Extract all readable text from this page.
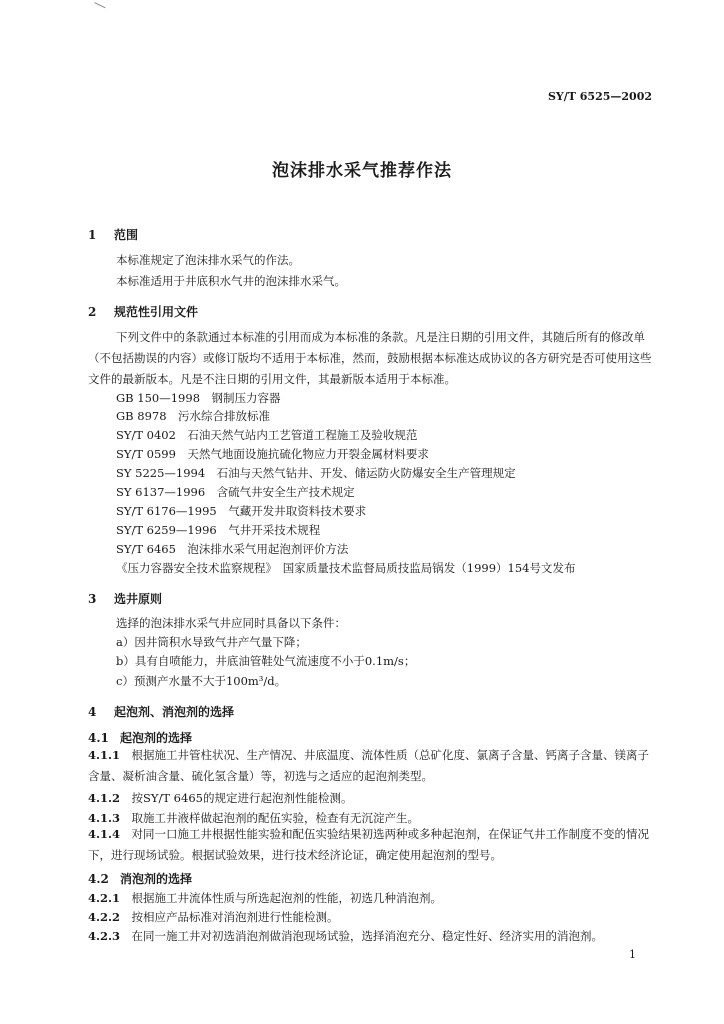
SY/T 6525—2002
泡沫排水采气推荐作法
1 范围
本标准规定了泡沫排水采气的作法。
本标准适用于井底积水气井的泡沫排水采气。
2 规范性引用文件
下列文件中的条款通过本标准的引用而成为本标准的条款。凡是注日期的引用文件，其随后所有的修改单（不包括勘误的内容）或修订版均不适用于本标准，然而，鼓励根据本标准达成协议的各方研究是否可使用这些文件的最新版本。凡是不注日期的引用文件，其最新版本适用于本标准。
GB 150—1998　钢制压力容器
GB 8978　污水综合排放标准
SY/T 0402　石油天然气站内工艺管道工程施工及验收规范
SY/T 0599　天然气地面设施抗硫化物应力开裂金属材料要求
SY 5225—1994　石油与天然气钻井、开发、储运防火防爆安全生产管理规定
SY 6137—1996　含硫气井安全生产技术规定
SY/T 6176—1995　气藏开发井取资料技术要求
SY/T 6259—1996　气井开采技术规程
SY/T 6465　泡沫排水采气用起泡剂评价方法
《压力容器安全技术监察规程》　国家质量技术监督局质技监局锅发（1999）154号文发布
3 选井原则
选择的泡沫排水采气井应同时具备以下条件：
a）因井筒积水导致气井产气量下降；
b）具有自喷能力，井底油管鞋处气流速度不小于0.1m/s；
c）预测产水量不大于100m³/d。
4 起泡剂、消泡剂的选择
4.1 起泡剂的选择
4.1.1　 根据施工井管柱状况、生产情况、井底温度、流体性质（总矿化度、氯离子含量、钙离子含量、镁离子含量、凝析油含量、硫化氢含量）等，初选与之适应的起泡剂类型。
4.1.2　 按SY/T 6465的规定进行起泡剂性能检测。
4.1.3　 取施工井液样做起泡剂的配伍实验，检查有无沉淀产生。
4.1.4　 对同一口施工井根据性能实验和配伍实验结果初选两种或多种起泡剂，在保证气井工作制度不变的情况下，进行现场试验。根据试验效果，进行技术经济论证，确定使用起泡剂的型号。
4.2 消泡剂的选择
4.2.1　 根据施工井流体性质与所选起泡剂的性能，初选几种消泡剂。
4.2.2　 按相应产品标准对消泡剂进行性能检测。
4.2.3　 在同一施工井对初选消泡剂做消泡现场试验，选择消泡充分、稳定性好、经济实用的消泡剂。
1
